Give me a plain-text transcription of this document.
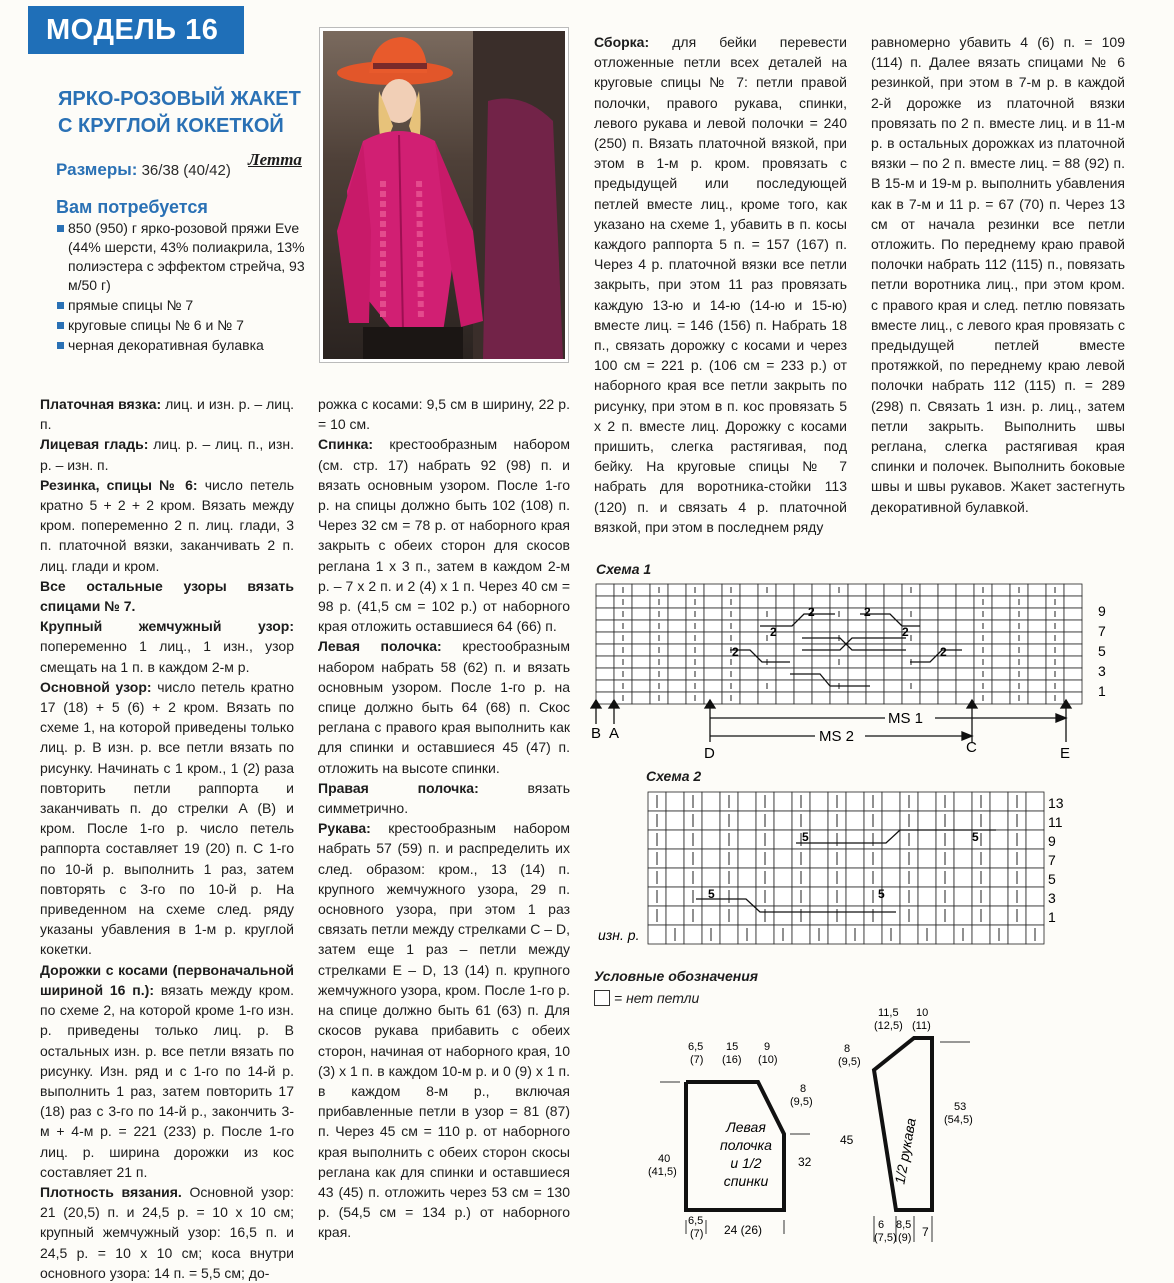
МОДЕЛЬ 16
ЯРКО-РОЗОВЫЙ ЖАКЕТ
С КРУГЛОЙ КОКЕТКОЙ
Размеры: 36/38 (40/42)
Летта
Вам потребуется
850 (950) г ярко-розовой пряжи Eve (44% шерсти, 43% полиакрила, 13% полиэстера с эффектом стрейча, 93 м/50 г)
прямые спицы № 7
круговые спицы № 6 и № 7
черная декоративная булавка

Платочная вязка: лиц. и изн. р. – лиц. п.

Лицевая гладь: лиц. р. – лиц. п., изн. р. – изн. п.

Резинка, спицы № 6: число петель кратно 5 + 2 + 2 кром. Вязать между кром. попеременно 2 п. лиц. глади, 3 п. платочной вязки, заканчивать 2 п. лиц. глади и кром.

Все остальные узоры вязать спицами № 7.

Крупный жемчужный узор: попеременно 1 лиц., 1 изн., узор смещать на 1 п. в каждом 2-м р.

Основной узор: число петель кратно 17 (18) + 5 (6) + 2 кром. Вязать по схеме 1, на которой приведены только лиц. р. В изн. р. все петли вязать по рисунку. Начинать с 1 кром., 1 (2) раза повторить петли раппорта и заканчивать п. до стрелки A (B) и кром. После 1-го р. число петель раппорта составляет 19 (20) п. С 1-го по 10-й р. выполнить 1 раз, затем повторять с 3-го по 10-й р. На приведенном на схеме след. ряду указаны убавления в 1-м р. круглой кокетки.

Дорожки с косами (первоначальной шириной 16 п.): вязать между кром. по схеме 2, на которой кроме 1-го изн. р. приведены только лиц. р. В остальных изн. р. все петли вязать по рисунку. Изн. ряд и с 1-го по 14-й р. выполнить 1 раз, затем повторить 17 (18) раз с 3-го по 14-й р., закончить 3-м + 4-м р. = 221 (233) р. После 1-го лиц. р. ширина дорожки из кос составляет 21 п.

Плотность вязания. Основной узор: 21 (20,5) п. и 24,5 р. = 10 х 10 см; крупный жемчужный узор: 16,5 п. и 24,5 р. = 10 х 10 см; коса внутри основного узора: 14 п. = 5,5 см; до-

рожка с косами: 9,5 см в ширину, 22 р. = 10 см.

Спинка: крестообразным набором (см. стр. 17) набрать 92 (98) п. и вязать основным узором. После 1-го р. на спицы должно быть 102 (108) п. Через 32 см = 78 р. от наборного края закрыть с обеих сторон для скосов реглана 1 х 3 п., затем в каждом 2-м р. – 7 х 2 п. и 2 (4) х 1 п. Через 40 см = 98 р. (41,5 см = 102 р.) от наборного края отложить оставшиеся 64 (66) п.

Левая полочка: крестообразным набором набрать 58 (62) п. и вязать основным узором. После 1-го р. на спице должно быть 64 (68) п. Скос реглана с правого края выполнить как для спинки и оставшиеся 45 (47) п. отложить на высоте спинки.

Правая полочка: вязать симметрично.

Рукава: крестообразным набором набрать 57 (59) п. и распределить их след. образом: кром., 13 (14) п. крупного жемчужного узора, 29 п. основного узора, при этом 1 раз связать петли между стрелками C – D, затем еще 1 раз – петли между стрелками E – D, 13 (14) п. крупного жемчужного узора, кром. После 1-го р. на спице должно быть 61 (63) п. Для скосов рукава прибавить с обеих сторон, начиная от наборного края, 10 (3) х 1 п. в каждом 10-м р. и 0 (9) х 1 п. в каждом 8-м р., включая прибавленные петли в узор = 81 (87) п. Через 45 см = 110 р. от наборного края выполнить с обеих сторон скосы реглана как для спинки и оставшиеся 43 (45) п. отложить через 53 см = 130 р. (54,5 см = 134 р.) от наборного края.

Сборка: для бейки перевести отложенные петли всех деталей на круговые спицы № 7: петли правой полочки, правого рукава, спинки, левого рукава и левой полочки = 240 (250) п. Вязать платочной вязкой, при этом в 1-м р. кром. провязать с предыдущей или последующей петлей вместе лиц., кроме того, как указано на схеме 1, убавить в п. косы каждого раппорта 5 п. = 157 (167) п. Через 4 р. платочной вязки все петли закрыть, при этом 11 раз провязать каждую 13-ю и 14-ю (14-ю и 15-ю) вместе лиц. = 146 (156) п. Набрать 18 п., связать дорожку с косами и через 100 см = 221 р. (106 см = 233 р.) от наборного края все петли закрыть по рисунку, при этом в п. кос провязать 5 х 2 п. вместе лиц. Дорожку с косами пришить, слегка растягивая, под бейку. На круговые спицы № 7 набрать для воротника-стойки 113 (120) п. и связать 4 р. платочной вязкой, при этом в последнем ряду

равномерно убавить 4 (6) п. = 109 (114) п. Далее вязать спицами № 6 резинкой, при этом в 7-м р. в каждой 2-й дорожке из платочной вязки провязать по 2 п. вместе лиц. и в 11-м р. в остальных дорожках из платочной вязки – по 2 п. вместе лиц. = 88 (92) п. В 15-м и 19-м р. выполнить убавления как в 7-м и 11 р. = 67 (70) п. Через 13 см от начала резинки все петли отложить. По переднему краю правой полочки набрать 112 (115) п., повязать петли воротника лиц., при этом кром. с правого края и след. петлю повязать вместе лиц., с левого края провязать с предыдущей петлей вместе протяжкой, по переднему краю левой полочки набрать 112 (115) п. = 289 (298) п. Связать 1 изн. р. лиц., затем петли закрыть. Выполнить швы реглана, слегка растягивая края спинки и полочек. Выполнить боковые швы и швы рукавов. Жакет застегнуть декоративной булавкой.

Схема 1
9
7
5
3
1
B A
MS 1
MS 2
D	C	E
2	2
2	2
2	2
Схема 2
13
11
9
7
5
3
1
изн. р.
5	5
5	5
Условные обозначения
= нет петли
6,5
(7)
15
(16)
9
(10)
8
(9,5)
40
(41,5)
32
6,5
(7) 24 (26)
Левая
полочка
и 1/2
спинки
11,5
(12,5)
10
(11)
8
(9,5)
45
53
(54,5)
6
(7,5)
8,5
(9) 7
1/2 рукава
